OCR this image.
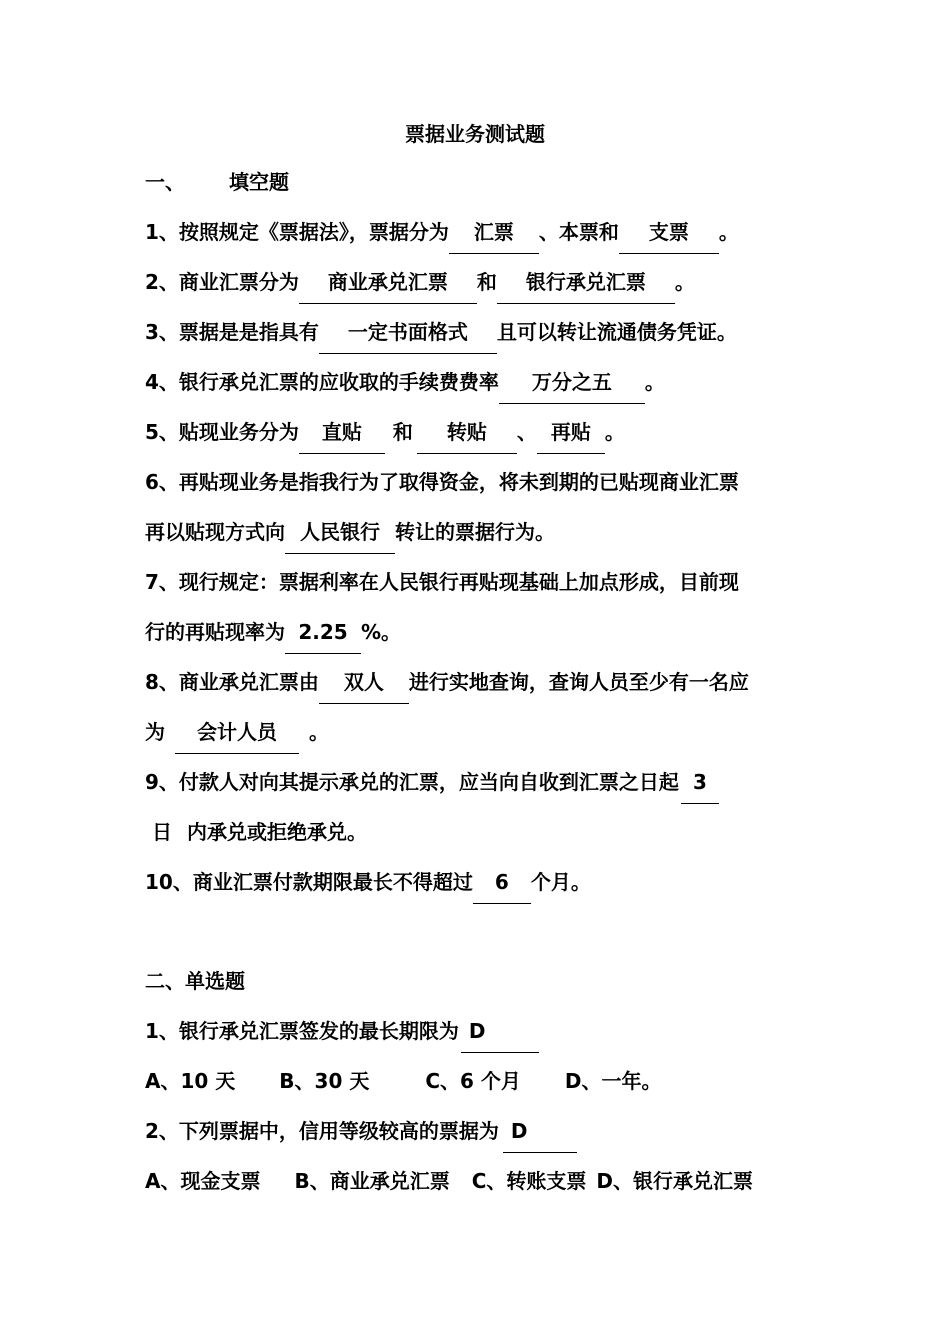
票据业务测试题
一、 填空题
1、按照规定《票据法》，票据分为 汇票 、本票和 支票 。
2、商业汇票分为 商业承兑汇票 和 银行承兑汇票 。
3、票据是是指具有 一定书面格式 且可以转让流通债务凭证。
4、银行承兑汇票的应收取的手续费费率 万分之五 。
5、贴现业务分为 直贴 和 转贴 、 再贴 。
6、再贴现业务是指我行为了取得资金，将未到期的已贴现商业汇票
再以贴现方式向 人民银行 转让的票据行为。
7、现行规定：票据利率在人民银行再贴现基础上加点形成，目前现
行的再贴现率为 2.25 %。
8、商业承兑汇票由 双人 进行实地查询，查询人员至少有一名应
为 会计人员 。
9、付款人对向其提示承兑的汇票，应当向自收到汇票之日起 3
日 内承兑或拒绝承兑。
10、商业汇票付款期限最长不得超过 6 个月。
二、单选题
1、银行承兑汇票签发的最长期限为 D
A、10 天 B、30 天	C、6 个月 D、一年。
2、下列票据中，信用等级较高的票据为 D
A、现金支票 B、商业承兑汇票 C、转账支票 D、银行承兑汇票
